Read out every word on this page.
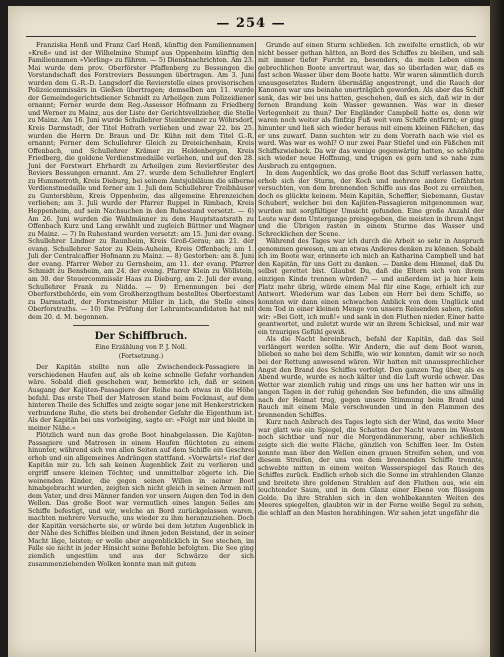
— 254 —

Franziska Henß und Franz Carl Henß, künftig den Familiennamen »Kreß« und ist der Wilhelmine Stumpf aus Oppenheim künftig den Familiennamen »Vierling« zu führen. — 5) Dienstnachrichten. Am 23. Mai wurde dem prov. Oberförster Pfaffenberg zu Bessungen die Vorstandschaft des Forstreviers Bessungen übertragen. Am 3. Juni wurden dem G.-R.-D. Langsdorf die Revierstelle eines provisorischen Polizeicommissärs in Gießen übertragen; demselben am 11. wurde der Gemeindegerichtsdiener Schmidt zu Arheilgen zum Polizeidiener ernannt; Ferner wurde dem Reg.-Assessor Hofmann zu Friedberg und Werner zu Mainz, aus der Liste der Gerichtsvollzieher, die Stelle zu Mainz. Am 16. Juni wurde Schullehrer Steinbrenner zu Wöhrsdorf, Kreis Darmstadt, der Titel Hofrath verliehen und zwar 22. bis 25. wurden die Herrn Dr. Braun und Dr. Kühn mit dem Titel G.-R. ernannt; Ferner dem Schullehrer Gleich zu Dreieichenhain, Kreis Offenbach, und Schullehrer Krämer zu Heldenbergen, Kreis Friedberg, die goldene Verdienstmedaille verliehen, und auf den 28. Juni der Forstwart Ehrhardt zu Arheilgen zum Revierförster des Reviers Bessungen ernannt. Am 27. wurde dem Schullehrer Englert zu Hummetroth, Kreis Dieburg, bei seinem Amtsjubiläum die silberne Verdienstmedaille und ferner am 1. Juli dem Schullehrer Treibhäuser zu Guntersblum, Kreis Oppenheim, das allgemeine Ehrenzeichen verliehen; am 3. Juli wurde der Pfarrer Ruppel in Rimbach, Kreis Heppenheim, auf sein Nachsuchen in den Ruhestand versetzt. — 6) Am 26. Juni wurden die Wahlmänner zu dem Hauptstaatsrath zu Offenbach Kurz und Lang erwählt und zugleich Büttner und Wagner zu Mainz. — 7) In Ruhestand wurden versetzt: am 15. Juni der evang. Schullehrer Lindner zu Raunheim, Kreis Groß-Gerau; am 21. der evang. Schullehrer Sator zu Klein-Auheim, Kreis Offenbach; am 1. Juli der Centralcaffier Hofmann zu Mainz. — 8) Gestorben: am 8. Juni der evang. Pfarrer Weber zu Gernsheim, am 11. der evang. Pfarrer Schmidt zu Bensheim, am 24. der evang. Pfarrer Klein zu Wöllstein, am 30. der Steuercommissär Haas zu Dieburg, am 2. Juli der evang. Schullehrer Frank zu Nidda. — 9) Ernennungen bei der Oberforstbehörde, ein vom Großherzogthum bestelltes Oberforstamt zu Darmstadt, der Forstmeister Müller in Lich, die Stelle eines Oberforstraths. — 10) Die Prüfung der Lehramtscandidaten hat mit dem 20. d. M. begonnen.

Der Schiffbruch.
Eine Erzählung von P. J. Noll.
(Fortsetzung.)

Der Kapitän stellte nun alle Zwischendeck-Passagiere in verschiedenen Haufen auf, als ob keine schnelle Gefahr vorhanden wäre. Sobald dieß geschehen war, bemerkte ich, daß er seinen Ausgang der Kajüten-Passagiere der Reihe nach etwas in die Höhe befahl. Das erste Theil der Matrosen stand beim Fockmast, auf dem hinteren Theile des Schiffes und zeigte sogar jene mit Henkerstricken verbundene Ruhe, die stets bei drohender Gefahr die Eigenthum ist. Als der Kapitän bei uns vorbeiging, sagte er: »Folgt mir und bleibt in meiner Nähe.«

Plötzlich ward nun das große Boot hinabgelassen. Die Kajüten-Passagiere und Matrosen in einem Haufen flüchteten zu einem hinunter, während sich von allen Seiten auf dem Schiffe ein Geschrei erhob und ein allgemeines Andrängen stattfand. »Vorwärts!« rief der Kapitän mir zu. Ich sah keinen Augenblick Zeit zu verlieren und ergriff unsere kleinen Töchter, und unmittelbar zögerte ich. Die weinenden Kinder, die gegen seinen Willen in seiner Boot hinabgebracht wurden, zeigten sich nicht gleich in seinen Armen mit dem Vater, und drei Männer fanden vor unsern Augen den Tod in den Wellen. Das große Boot war vermutlich eines langen Seiles am Schiffe befestigt, und wir, welche an Bord zurückgelassen waren, machten mehrere Versuche, uns wieder zu ihm heranzuziehen. Doch der Kapitän versicherte sie, er würde bei dem letzten Augenblick in der Nähe des Schiffes bleiben und ihnen jeden Beistand, der in seiner Macht läge, leisten; er wolle aber augenblicklich in See stechen, im Falle sie nicht in jeder Hinsicht seine Befehle befolgten. Die See ging ziemlich ungestüm und aus der Schwärze der sich zusammenziehenden Wolken konnte man mit gutem

Grunde auf einen Sturm schließen. Ich zweifelte ernstlich, ob wir nicht besser gethan hätten, an Bord des Schiffes zu bleiben, und sah mit immer tiefer Furcht zu, besonders, da mein Leben einem gebrechlichen Boote anvertraut war, das so überladen war, daß es fast schon Wasser über dem Boote hatte. Wir waren sämmtlich durch unausgesetztes Rudern übermäßig angestrengt, und die Rauch der Kanonen war uns beinahe unerträglich geworden. Als aber das Schiff sank, das wir bei uns hatten, geschehen, daß es sich, daß wir in der fernen Brandung kein Wasser gewannen. Was war in dieser Verlegenheit zu thun? Der Engländer Campbell hatte es, denn wir waren noch weiter als fünfzig Fuß weit vom Schiffe entfernt; er ging hinunter und ließ sich wieder heraus mit einem kleinen Fäßchen, das er uns zuwarf. Dann suchten wir zu dem Vorrath nach wie viel es ward. Was war es wohl? O nur zwei Paar Stiefel und ein Fäßchen mit Schiffszwieback. Da wir das wenige gegenwärtig hatten, so schöpfte sich wieder neue Hoffnung, und trugen es gern und so nahe zum Ausbruch zu entgegnen.

In dem Augenblick, wo das große Boot das Schiff verlassen hatte, erhob sich der Sturm, der Koch und mehrere andere Gefährten versuchten, von dem brennenden Schiffe aus das Boot zu erreichen, doch es glückte keinem. Mein Kapitän, Scheffler, Siebemann, Gustav Schubert, welcher bei den Kajüten-Passagieren mitgenommen war, wurden mit sorgfältiger Umsicht gefunden. Eine große Anzahl der Leute war dem Untergange preisgegeben, die meisten in ihrem Angst und die Übrigen rasten in einem Sturme das Wasser und Schrecklichen der Scene.

Während des Tages war ich durch die Arbeit so sehr in Anspruch genommen gewesen, um an etwas Anderes denken zu können. Sobald ich im Boote war, erinnerte ich mich an Katharina Campbell und hat den Kapitän, für uns Gott zu danken. — Danke dem Himmel, daß Du selbst gerettet bist. Glaubst Du, daß die Eltern sich von ihrem einzigen Kinde trennen würden? — und außerdem ist ja hier kein Platz mehr übrig, würde einem Mal für eine Kage, erhielt ich zur Antwort. Wiederum war das Leben ein Herr bei dem Schiffe, so konnten wir dann einen schwachen Anblick von dem Unglück und dem Tod in einer kleinen Menge von unsern Reisenden sahen, riefen wir: »Bei Gott, ich muß!« und sank in den Fluthen nieder. Einer hatte geantwortet, und zuletzt wurde wir an ihrem Schicksal, und mir war ein trauriges Gefühl gewiß.

Als die Nacht hereinbrach, befahl der Kapitän, daß das Seil verlängert werden sollte. Wir Andern, die auf dem Boot waren, blieben so nahe bei dem Schiffe, wie wir konnten, damit wir so noch bei der Rettung anwesend wären. Wir hatten mit unaussprechlicher Angst den Brand des Schiffes verfolgt. Den ganzen Tag über, als es Abend wurde, wurde es noch kälter und die Luft wurde schwer. Das Wetter war ziemlich ruhig und rings um uns her hatten wir uns in langen Tagen in der ruhig gehenden See befunden, die uns allmälig nach der Heimat trug, gegen unsere Stimmung beim Brand und Rauch mit einem Male verschwunden und in den Flammen des brennenden Schiffes.

Kurz nach Anbruch des Tages legte sich der Wind, das weite Meer war glatt wie ein Spiegel, die Schatten der Nacht waren im Westen noch sichtbar und nur die Morgendämmerung, aber schließlich zeigte sich die weite Fläche, gänzlich von Schiffen leer. Im Osten konnte man über den Wellen einen grauen Streifen sehen, und von diesem Streifen, der uns von dem brennenden Schiffe trennte, schwebte mitten in einem weiten Wasserspiegel das Rauch des Schiffes zurück. Endlich erhob sich die Sonne im strahlenden Glanze und breitete ihre goldenen Strahlen auf den Fluthen aus, wie ein leuchtender Saum, und in dem Glanz einer Ebene von flüssigem Golde. Da ihre Strahlen sich in den wohlbekannten Weiten des Meeres spiegelten, glaubten wir in der Ferne weiße Segel zu sehen, die schlaff an den Masten herabhingen. Wir sahen jetzt ungefähr die
